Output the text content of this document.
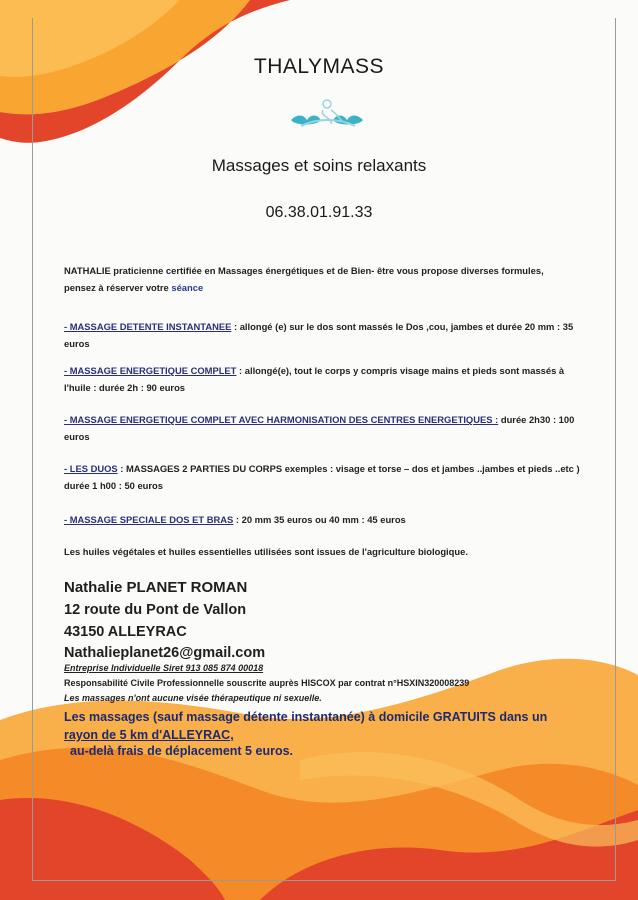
THALYMASS
Massages et soins relaxants
06.38.01.91.33
NATHALIE praticienne certifiée en Massages énergétiques et de Bien- être vous propose diverses formules, pensez à réserver votre séance
- MASSAGE DETENTE INSTANTANEE : allongé (e) sur le dos sont massés le Dos ,cou, jambes et durée 20 mm : 35 euros
- MASSAGE ENERGETIQUE COMPLET : allongé(e), tout le corps y compris visage mains et pieds sont massés à l'huile : durée 2h : 90 euros
- MASSAGE ENERGETIQUE COMPLET AVEC HARMONISATION DES CENTRES ENERGETIQUES : durée 2h30 : 100 euros
- LES DUOS : MASSAGES 2 PARTIES DU CORPS exemples : visage et torse – dos et jambes ..jambes et pieds ..etc ) durée 1 h00 : 50 euros
- MASSAGE SPECIALE DOS ET BRAS : 20 mm 35 euros ou 40 mm : 45 euros
Les huiles végétales et huiles essentielles utilisées sont issues de l'agriculture biologique.
Nathalie PLANET ROMAN
12 route du Pont de Vallon
43150 ALLEYRAC
Nathalieplanet26@gmail.com
Entreprise Individuelle Siret 913 085 874 00018
Responsabilité Civile Professionnelle souscrite auprès HISCOX par contrat n°HSXIN320008239
Les massages n'ont aucune visée thérapeutique ni sexuelle.
Les massages (sauf massage détente instantanée) à domicile GRATUITS dans un
rayon de 5 km d'ALLEYRAC,
au-delà frais de déplacement 5 euros.
